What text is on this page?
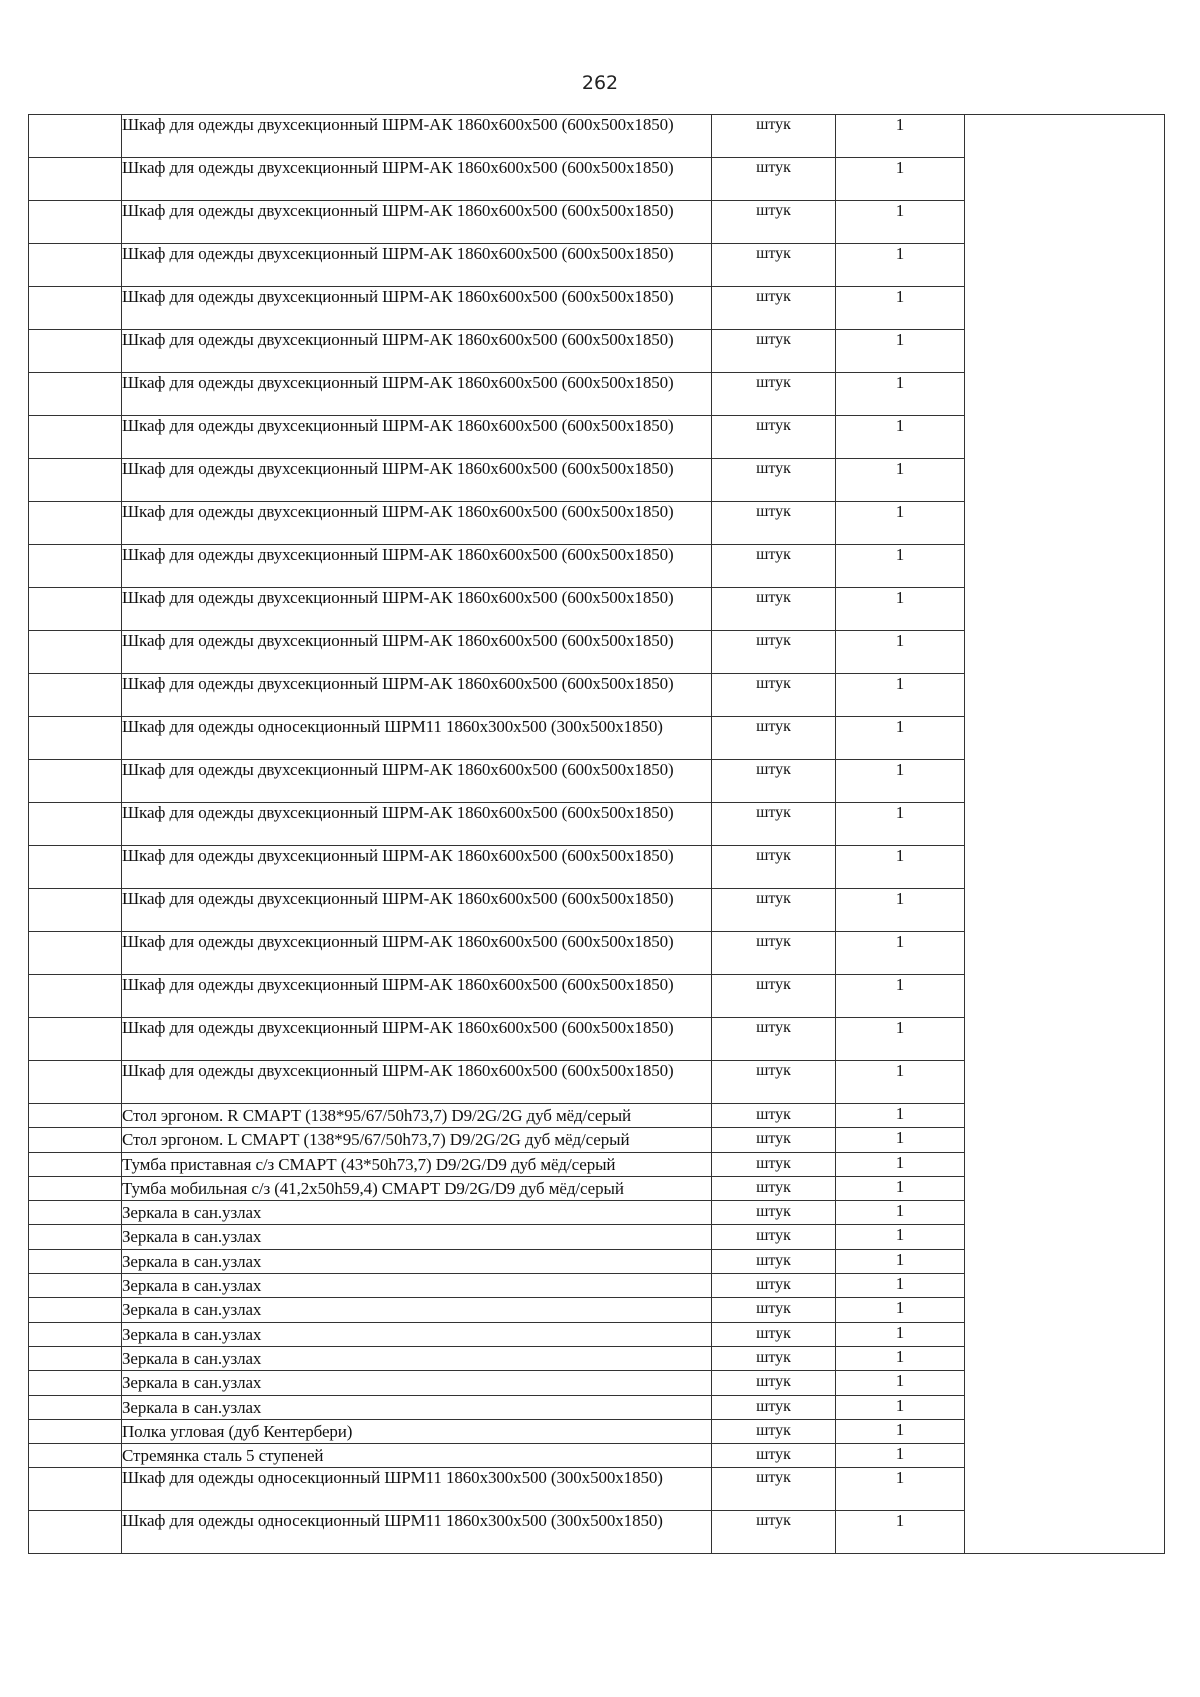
262
	Шкаф для одежды двухсекционный ШРМ-АК 1860х600х500 (600х500х1850)	штук	1	
	Шкаф для одежды двухсекционный ШРМ-АК 1860х600х500 (600х500х1850)	штук	1	
	Шкаф для одежды двухсекционный ШРМ-АК 1860х600х500 (600х500х1850)	штук	1	
	Шкаф для одежды двухсекционный ШРМ-АК 1860х600х500 (600х500х1850)	штук	1	
	Шкаф для одежды двухсекционный ШРМ-АК 1860х600х500 (600х500х1850)	штук	1	
	Шкаф для одежды двухсекционный ШРМ-АК 1860х600х500 (600х500х1850)	штук	1	
	Шкаф для одежды двухсекционный ШРМ-АК 1860х600х500 (600х500х1850)	штук	1	
	Шкаф для одежды двухсекционный ШРМ-АК 1860х600х500 (600х500х1850)	штук	1	
	Шкаф для одежды двухсекционный ШРМ-АК 1860х600х500 (600х500х1850)	штук	1	
	Шкаф для одежды двухсекционный ШРМ-АК 1860х600х500 (600х500х1850)	штук	1	
	Шкаф для одежды двухсекционный ШРМ-АК 1860х600х500 (600х500х1850)	штук	1	
	Шкаф для одежды двухсекционный ШРМ-АК 1860х600х500 (600х500х1850)	штук	1	
	Шкаф для одежды двухсекционный ШРМ-АК 1860х600х500 (600х500х1850)	штук	1	
	Шкаф для одежды двухсекционный ШРМ-АК 1860х600х500 (600х500х1850)	штук	1	
	Шкаф для одежды односекционный ШРМ11 1860х300х500 (300х500х1850)	штук	1	
	Шкаф для одежды двухсекционный ШРМ-АК 1860х600х500 (600х500х1850)	штук	1	
	Шкаф для одежды двухсекционный ШРМ-АК 1860х600х500 (600х500х1850)	штук	1	
	Шкаф для одежды двухсекционный ШРМ-АК 1860х600х500 (600х500х1850)	штук	1	
	Шкаф для одежды двухсекционный ШРМ-АК 1860х600х500 (600х500х1850)	штук	1	
	Шкаф для одежды двухсекционный ШРМ-АК 1860х600х500 (600х500х1850)	штук	1	
	Шкаф для одежды двухсекционный ШРМ-АК 1860х600х500 (600х500х1850)	штук	1	
	Шкаф для одежды двухсекционный ШРМ-АК 1860х600х500 (600х500х1850)	штук	1	
	Шкаф для одежды двухсекционный ШРМ-АК 1860х600х500 (600х500х1850)	штук	1	
	Стол эргоном. R СМАРТ (138*95/67/50h73,7) D9/2G/2G дуб мёд/серый	штук	1	
	Стол эргоном. L СМАРТ (138*95/67/50h73,7) D9/2G/2G дуб мёд/серый	штук	1	
	Тумба приставная с/з СМАРТ (43*50h73,7) D9/2G/D9 дуб мёд/серый	штук	1	
	Тумба мобильная с/з (41,2х50h59,4) СМАРТ D9/2G/D9 дуб мёд/серый	штук	1	
	Зеркала в сан.узлах	штук	1	
	Зеркала в сан.узлах	штук	1	
	Зеркала в сан.узлах	штук	1	
	Зеркала в сан.узлах	штук	1	
	Зеркала в сан.узлах	штук	1	
	Зеркала в сан.узлах	штук	1	
	Зеркала в сан.узлах	штук	1	
	Зеркала в сан.узлах	штук	1	
	Зеркала в сан.узлах	штук	1	
	Полка угловая (дуб Кентербери)	штук	1	
	Стремянка сталь 5 ступеней	штук	1	
	Шкаф для одежды односекционный ШРМ11 1860х300х500 (300х500х1850)	штук	1	
	Шкаф для одежды односекционный ШРМ11 1860х300х500 (300х500х1850)	штук	1	
